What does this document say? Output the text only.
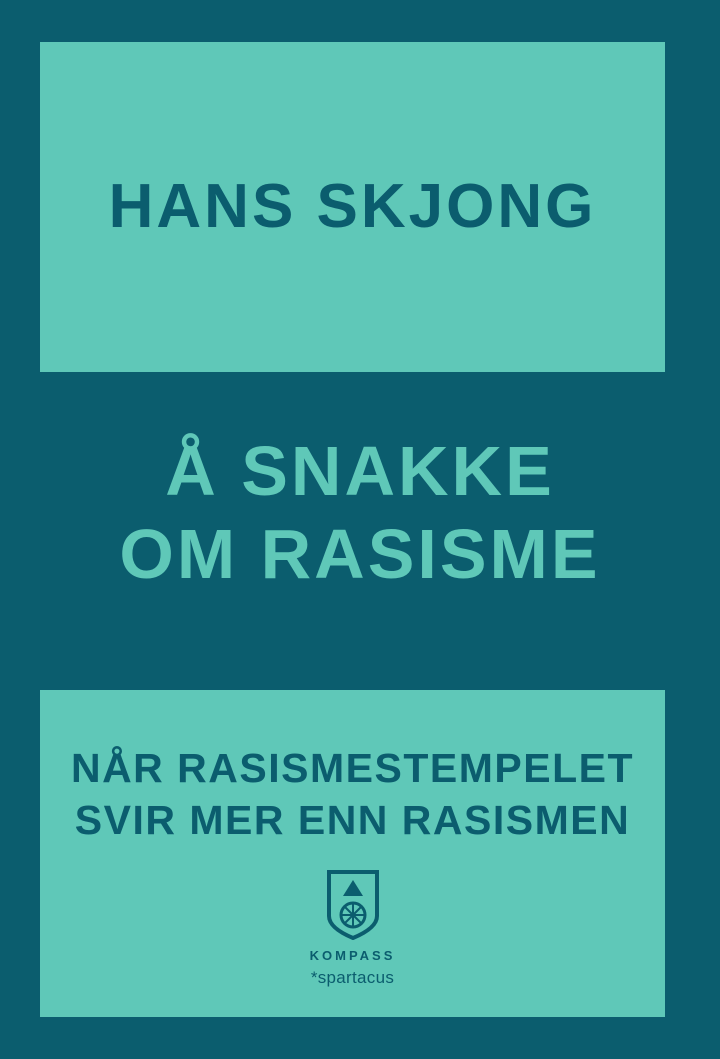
HANS SKJONG
Å SNAKKE
OM RASISME
NÅR RASISMESTEMPELET
SVIR MER ENN RASISMEN
KOMPASS
*spartacus
